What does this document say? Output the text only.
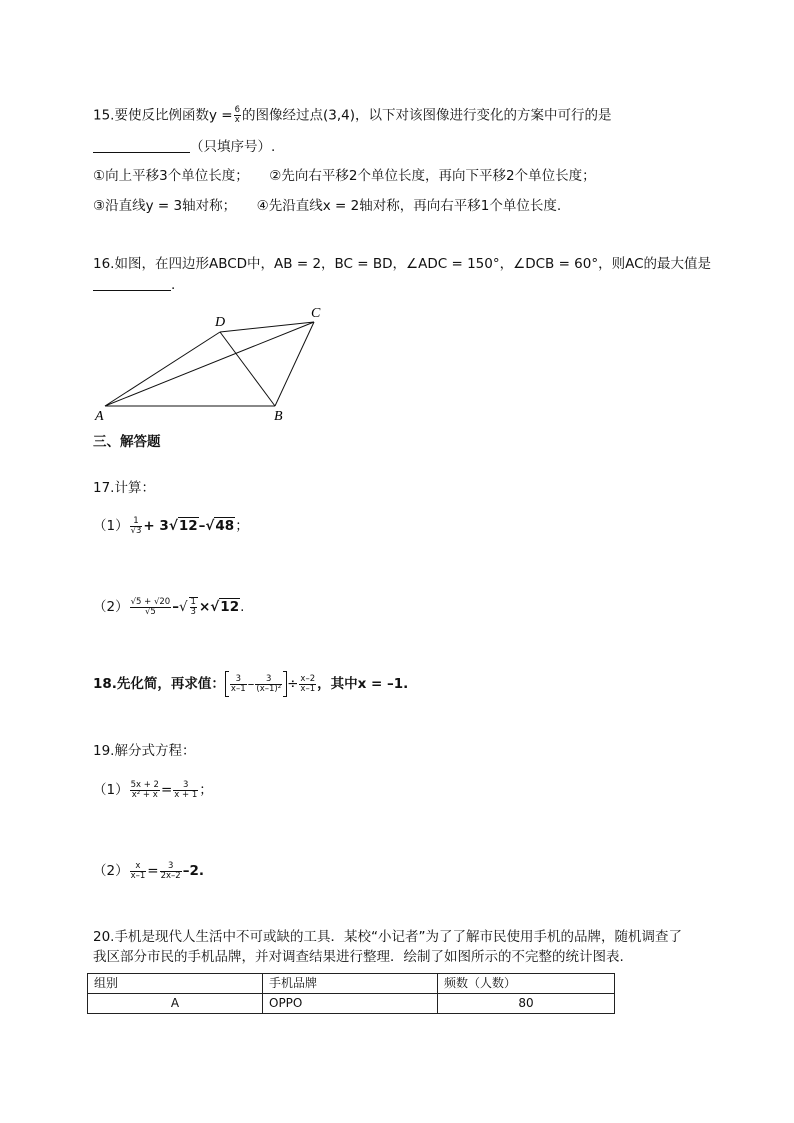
15.要使反比例函数$y = \frac{6}{x}$ 的图像经过点(3,4)，以下对该图像进行变化的方案中可行的是
（只填序号）.
①向上平移3个单位长度； ②先向右平移2个单位长度，再向下平移2个单位长度；
③沿直线y = 3轴对称； ④先沿直线x = 2轴对称，再向右平移1个单位长度.
16.如图，在四边形ABCD中，AB = 2，BC = BD，∠ADC = 150°，∠DCB = 60°，则AC的最大值是
.
A	B
C
D
三、解答题
17.计算：
$(1) \frac{1}{√3} + 3√12-√48$；
$(2) \frac{√5 + √20}{√5}$ –√ $\frac{1}{3} \times√12$.
18.先化简，再求值： $\frac{3}{x-1} - \frac{3}{\text{(x–1)²}} \div \frac{x-2}{x-1}$ ，其中x = –1.
19.解分式方程：
$(1) \frac{5x + 2}{\text{x² + x}} = \frac{3}{x + 1}$ ；
$(2) \frac{x}{x-1} = \frac{3}{2x-2} -2$.
20.手机是现代人生活中不可或缺的工具．某校“小记者”为了了解市民使用手机的品牌，随机调查了
我区部分市民的手机品牌，并对调查结果进行整理．绘制了如图所示的不完整的统计图表.
组别	手机品牌	频数（人数）
A	OPPO	80
